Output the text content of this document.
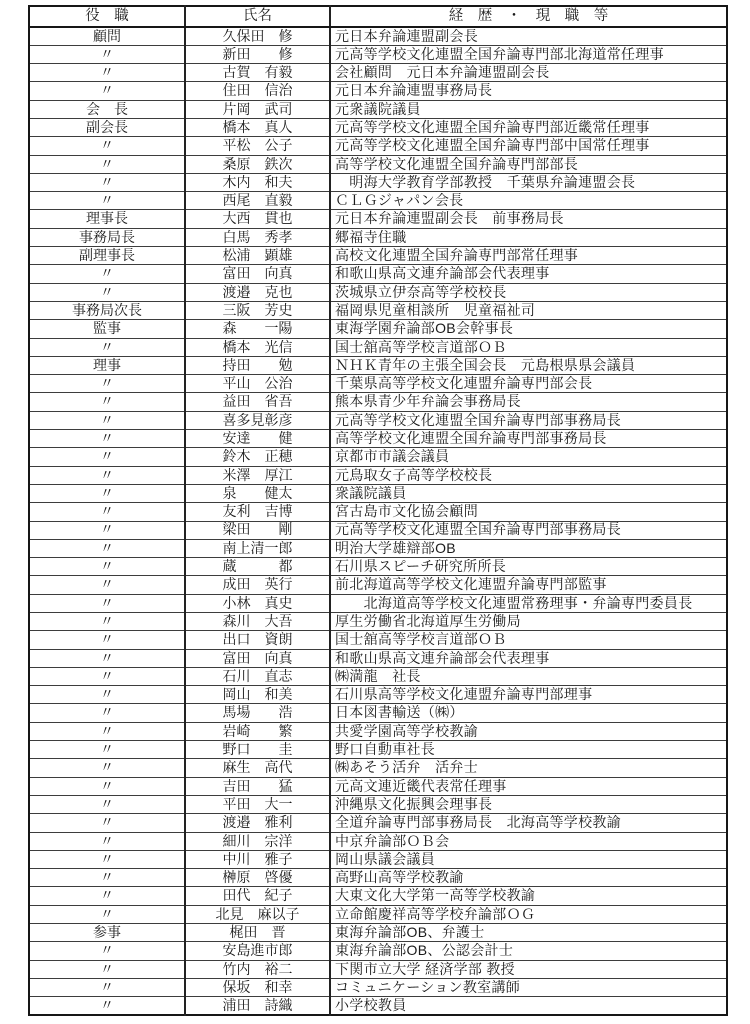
役　職	氏名	経　歴　・　現　職　等
顧問	久保田　修	元日本弁論連盟副会長
〃	新田　　修	元高等学校文化連盟全国弁論専門部北海道常任理事
〃	古賀　有毅	会社顧問　元日本弁論連盟副会長
〃	住田　信治	元日本弁論連盟事務局長
会　長	片岡　武司	元衆議院議員
副会長	橋本　真人	元高等学校文化連盟全国弁論専門部近畿常任理事
〃	平松　公子	元高等学校文化連盟全国弁論専門部中国常任理事
〃	桑原　鉄次	高等学校文化連盟全国弁論専門部部長
〃	木内　和夫	　明海大学教育学部教授　千葉県弁論連盟会長
〃	西尾　直毅	ＣＬＧジャパン会長
理事長	大西　貫也	元日本弁論連盟副会長　前事務局長
事務局長	白馬　秀孝	郷福寺住職
副理事長	松浦　顕雄	高校文化連盟全国弁論専門部常任理事
〃	富田　向真	和歌山県高文連弁論部会代表理事
〃	渡邉　克也	茨城県立伊奈高等学校校長
事務局次長	三阪　芳史	福岡県児童相談所　児童福祉司
監事	森　　一陽	東海学園弁論部OB会幹事長
〃	橋本　光信	国士舘高等学校言道部ＯＢ
理事	持田　　勉	ＮＨＫ青年の主張全国会長　元島根県県会議員
〃	平山　公治	千葉県高等学校文化連盟弁論専門部会長
〃	益田　省吾	熊本県青少年弁論会事務局長
〃	喜多見彰彦	元高等学校文化連盟全国弁論専門部事務局長
〃	安達　　健	高等学校文化連盟全国弁論専門部事務局長
〃	鈴木　正穂	京都市市議会議員
〃	米澤　厚江	元鳥取女子高等学校校長
〃	泉　　健太	衆議院議員
〃	友利　吉博	宮古島市文化協会顧問
〃	梁田　　剛	元高等学校文化連盟全国弁論専門部事務局長
〃	南上清一郎	明治大学雄辯部OB
〃	蔵　　　都	石川県スピーチ研究所所長
〃	成田　英行	前北海道高等学校文化連盟弁論専門部監事
〃	小林　真史	　　北海道高等学校文化連盟常務理事・弁論専門委員長
〃	森川　大吾	厚生労働省北海道厚生労働局
〃	出口　資朗	国士舘高等学校言道部ＯＢ
〃	富田　向真	和歌山県高文連弁論部会代表理事
〃	石川　直志	㈱満龍　社長
〃	岡山　和美	石川県高等学校文化連盟弁論専門部理事
〃	馬場　　浩	日本図書輸送（㈱）
〃	岩崎　　繁	共愛学園高等学校教諭
〃	野口　　圭	野口自動車社長
〃	麻生　高代	㈱あそう活弁　活弁士
〃	吉田　　猛	元高文連近畿代表常任理事
〃	平田　大一	沖縄県文化振興会理事長
〃	渡邉　雅利	全道弁論専門部事務局長　北海高等学校教諭
〃	細川　宗洋	中京弁論部ＯＢ会
〃	中川　雅子	岡山県議会議員
〃	榊原　啓優	高野山高等学校教諭
〃	田代　紀子	大東文化大学第一高等学校教諭
〃	北見　麻以子	立命館慶祥高等学校弁論部ＯＧ
参事	梶田　晋	東海弁論部OB、弁護士
〃	安島進市郎	東海弁論部OB、公認会計士
〃	竹内　裕二	下関市立大学 経済学部 教授
〃	保坂　和幸	コミュニケーション教室講師
〃	浦田　詩織	小学校教員
